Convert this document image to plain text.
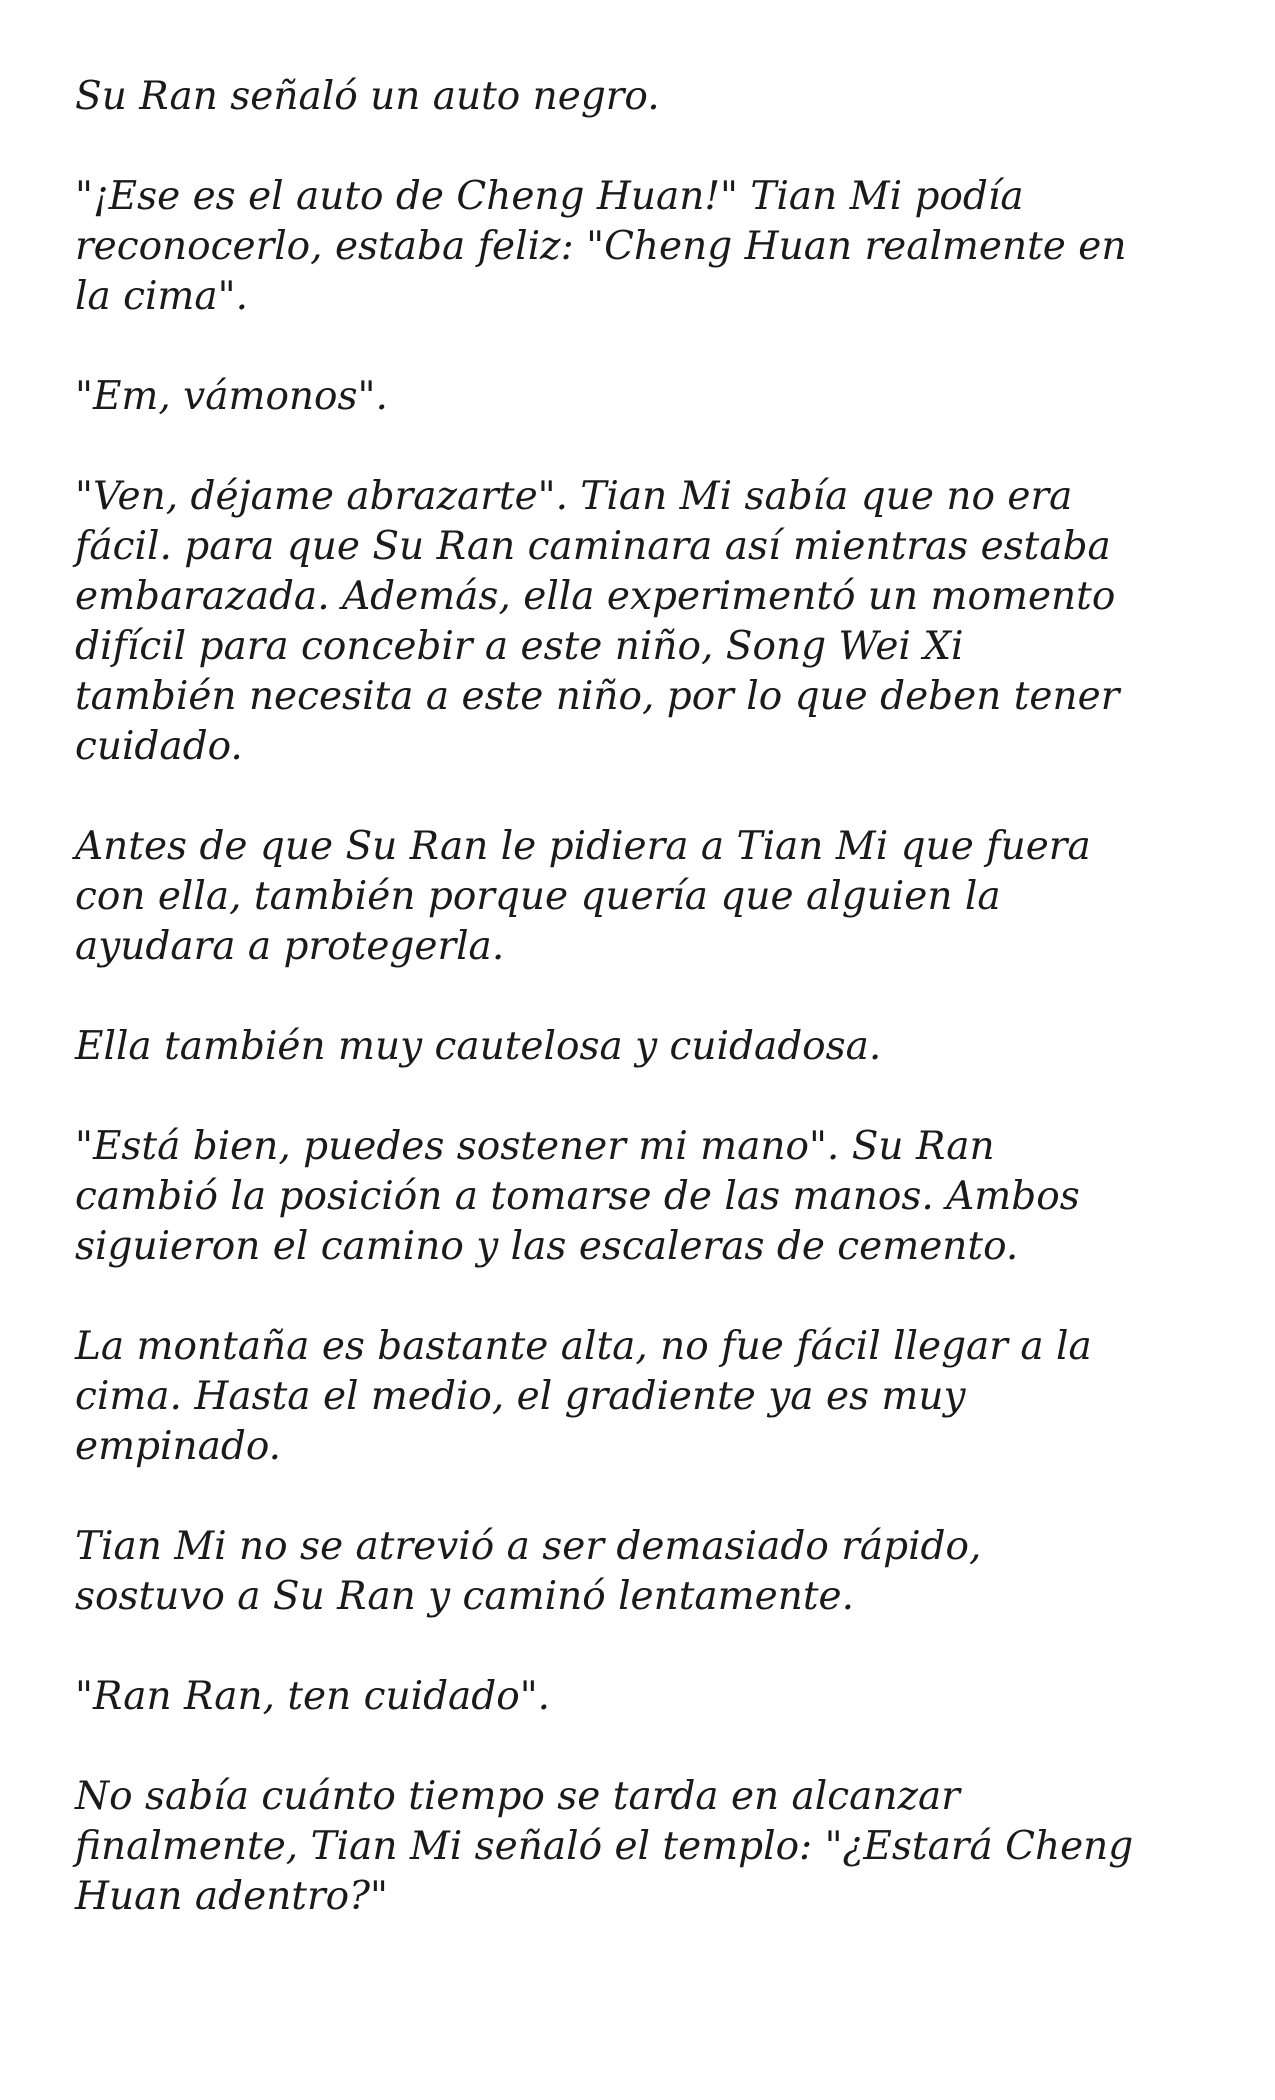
Su Ran señaló un auto negro.

"¡Ese es el auto de Cheng Huan!" Tian Mi podía
reconocerlo, estaba feliz: "Cheng Huan realmente en
la cima".

"Em, vámonos".

"Ven, déjame abrazarte". Tian Mi sabía que no era
fácil. para que Su Ran caminara así mientras estaba
embarazada. Además, ella experimentó un momento
difícil para concebir a este niño, Song Wei Xi
también necesita a este niño, por lo que deben tener
cuidado.

Antes de que Su Ran le pidiera a Tian Mi que fuera
con ella, también porque quería que alguien la
ayudara a protegerla.

Ella también muy cautelosa y cuidadosa.

"Está bien, puedes sostener mi mano". Su Ran
cambió la posición a tomarse de las manos. Ambos
siguieron el camino y las escaleras de cemento.

La montaña es bastante alta, no fue fácil llegar a la
cima. Hasta el medio, el gradiente ya es muy
empinado.

Tian Mi no se atrevió a ser demasiado rápido,
sostuvo a Su Ran y caminó lentamente.

"Ran Ran, ten cuidado".

No sabía cuánto tiempo se tarda en alcanzar
finalmente, Tian Mi señaló el templo: "¿Estará Cheng
Huan adentro?"
